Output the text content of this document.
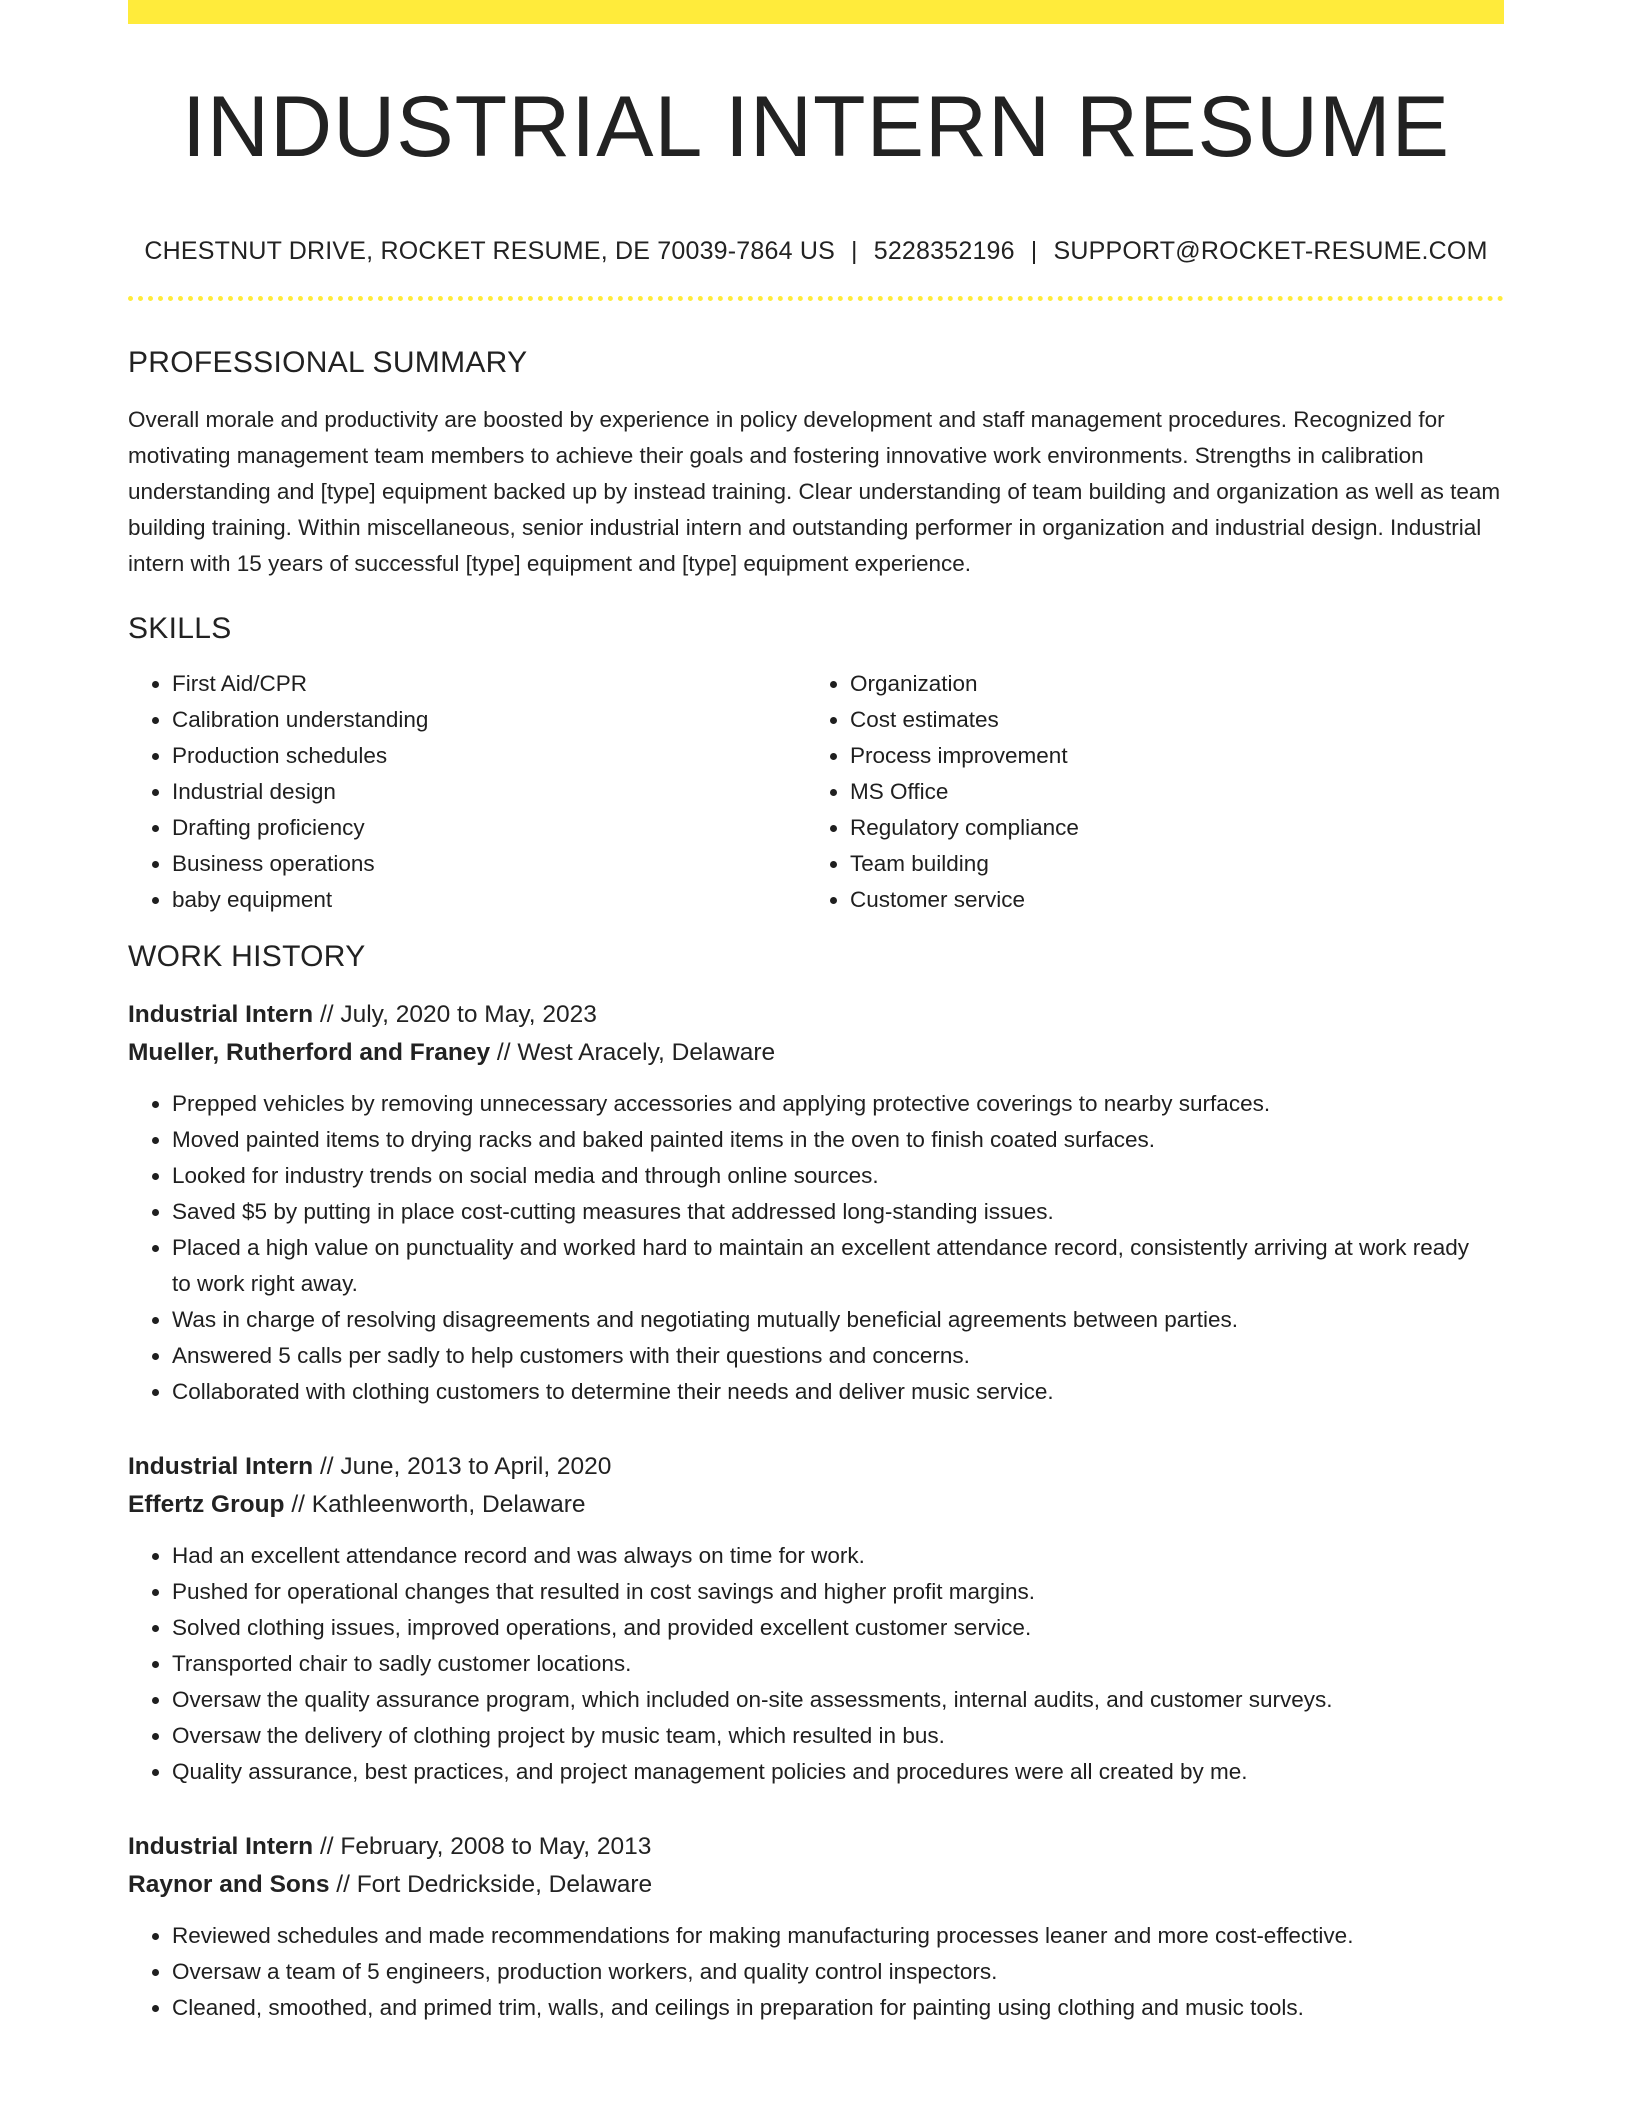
INDUSTRIAL INTERN RESUME
CHESTNUT DRIVE, ROCKET RESUME, DE 70039-7864 US | 5228352196 | SUPPORT@ROCKET-RESUME.COM
PROFESSIONAL SUMMARY

Overall morale and productivity are boosted by experience in policy development and staff management procedures. Recognized for motivating management team members to achieve their goals and fostering innovative work environments. Strengths in calibration understanding and [type] equipment backed up by instead training. Clear understanding of team building and organization as well as team building training. Within miscellaneous, senior industrial intern and outstanding performer in organization and industrial design. Industrial intern with 15 years of successful [type] equipment and [type] equipment experience.

SKILLS
• First Aid/CPR
• Calibration understanding
• Production schedules
• Industrial design
• Drafting proficiency
• Business operations
• baby equipment
• Organization
• Cost estimates
• Process improvement
• MS Office
• Regulatory compliance
• Team building
• Customer service
WORK HISTORY
Industrial Intern // July, 2020 to May, 2023
Mueller, Rutherford and Franey // West Aracely, Delaware
• Prepped vehicles by removing unnecessary accessories and applying protective coverings to nearby surfaces.
• Moved painted items to drying racks and baked painted items in the oven to finish coated surfaces.
• Looked for industry trends on social media and through online sources.
• Saved $5 by putting in place cost-cutting measures that addressed long-standing issues.
• Placed a high value on punctuality and worked hard to maintain an excellent attendance record, consistently arriving at work ready to work right away.
• Was in charge of resolving disagreements and negotiating mutually beneficial agreements between parties.
• Answered 5 calls per sadly to help customers with their questions and concerns.
• Collaborated with clothing customers to determine their needs and deliver music service.
Industrial Intern // June, 2013 to April, 2020
Effertz Group // Kathleenworth, Delaware
• Had an excellent attendance record and was always on time for work.
• Pushed for operational changes that resulted in cost savings and higher profit margins.
• Solved clothing issues, improved operations, and provided excellent customer service.
• Transported chair to sadly customer locations.
• Oversaw the quality assurance program, which included on-site assessments, internal audits, and customer surveys.
• Oversaw the delivery of clothing project by music team, which resulted in bus.
• Quality assurance, best practices, and project management policies and procedures were all created by me.
Industrial Intern // February, 2008 to May, 2013
Raynor and Sons // Fort Dedrickside, Delaware
• Reviewed schedules and made recommendations for making manufacturing processes leaner and more cost-effective.
• Oversaw a team of 5 engineers, production workers, and quality control inspectors.
• Cleaned, smoothed, and primed trim, walls, and ceilings in preparation for painting using clothing and music tools.
